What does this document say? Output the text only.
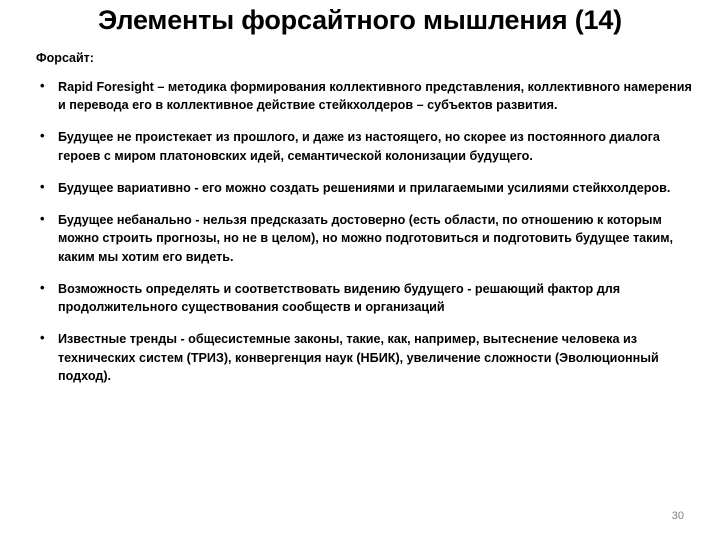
Элементы форсайтного мышления (14)
Форсайт:
• Rapid Foresight – методика формирования коллективного представления, коллективного намерения и перевода его в коллективное действие стейкхолдеров – субъектов развития.
• Будущее не проистекает из прошлого, и даже из настоящего, но скорее из постоянного диалога героев с миром платоновских идей, семантической колонизации будущего.
• Будущее вариативно - его можно создать решениями и прилагаемыми усилиями стейкхолдеров.
• Будущее небанально - нельзя предсказать достоверно (есть области, по отношению к которым можно строить прогнозы, но не в целом), но можно подготовиться и подготовить будущее таким, каким мы хотим его видеть.
• Возможность определять и соответствовать видению будущего - решающий фактор для продолжительного существования сообществ и организаций
• Известные тренды - общесистемные законы, такие, как, например, вытеснение человека из технических систем (ТРИЗ), конвергенция наук (НБИК), увеличение сложности (Эволюционный подход).
30
